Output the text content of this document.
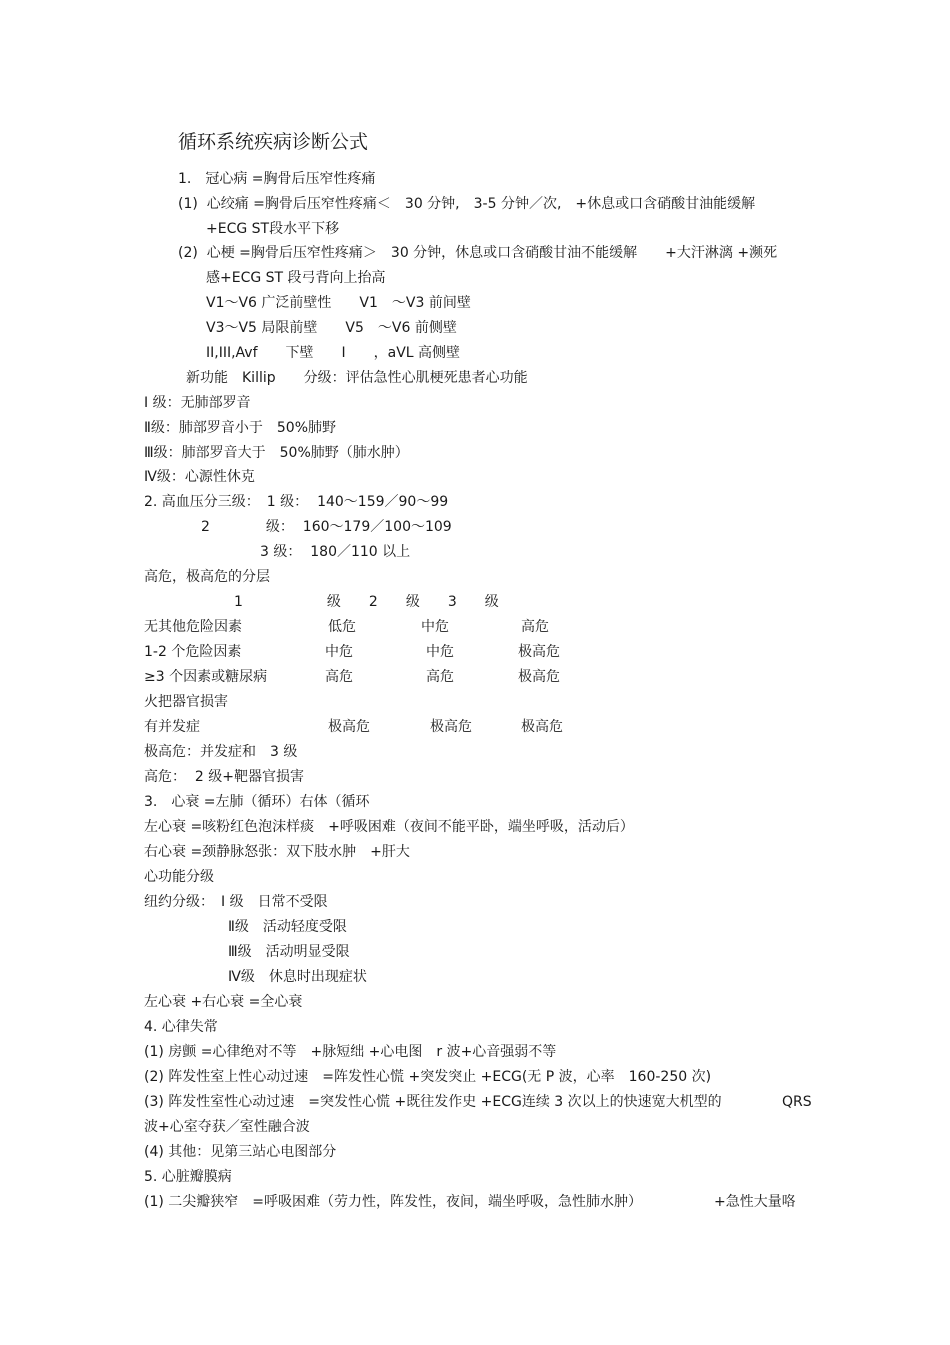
循环系统疾病诊断公式
1.　冠心病 =胸骨后压窄性疼痛
(1)  心绞痛 =胸骨后压窄性疼痛＜　30 分钟,　3-5 分钟／次,　+休息或口含硝酸甘油能缓解
+ECG ST段水平下移
(2)  心梗 =胸骨后压窄性疼痛＞　30 分钟，休息或口含硝酸甘油不能缓解　　+大汗淋漓 +濒死
感+ECG ST 段弓背向上抬高
V1～V6 广泛前壁性　　V1　～V3 前间壁
V3～V5 局限前壁　　V5　～V6 前侧壁
II,III,Avf　　下壁　　I　　，aVL 高侧壁
新功能　Killip　　分级：评估急性心肌梗死患者心功能
I 级：无肺部罗音
Ⅱ级：肺部罗音小于　50%肺野
Ⅲ级：肺部罗音大于　50%肺野（肺水肿）
Ⅳ级：心源性休克
2. 高血压分三级：　1 级：  140～159／90～99
2　　　　级：  160～179／100～109
3 级：  180／110 以上
高危，极高危的分层
1　　　　　　级　　2　　级　　3　　级
无其他危险因素	低危	中危	高危
1-2 个危险因素	中危	中危	极高危
≥3 个因素或糖尿病	高危	高危	极高危
火把器官损害
有并发症	极高危	极高危	极高危
极高危：并发症和　3 级
高危：  2 级+靶器官损害
3.　心衰 =左肺（循环）右体（循环
左心衰 =咳粉红色泡沫样痰　+呼吸困难（夜间不能平卧，端坐呼吸，活动后）
右心衰 =颈静脉怒张：双下肢水肿　+肝大
心功能分级
纽约分级：　I 级　日常不受限
Ⅱ级　活动轻度受限
Ⅲ级　活动明显受限
Ⅳ级　休息时出现症状
左心衰 +右心衰 =全心衰
4. 心律失常
(1) 房颤 =心律绝对不等　+脉短绌 +心电图　r 波+心音强弱不等
(2) 阵发性室上性心动过速　=阵发性心慌 +突发突止 +ECG(无 P 波，心率　160-250 次)
(3) 阵发性室性心动过速　=突发性心慌 +既往发作史 +ECG连续 3 次以上的快速宽大机型的	QRS
波+心室夺获／室性融合波
(4) 其他：见第三站心电图部分
5. 心脏瓣膜病
(1) 二尖瓣狭窄　=呼吸困难（劳力性，阵发性，夜间，端坐呼吸，急性肺水肿）	+急性大量咯
